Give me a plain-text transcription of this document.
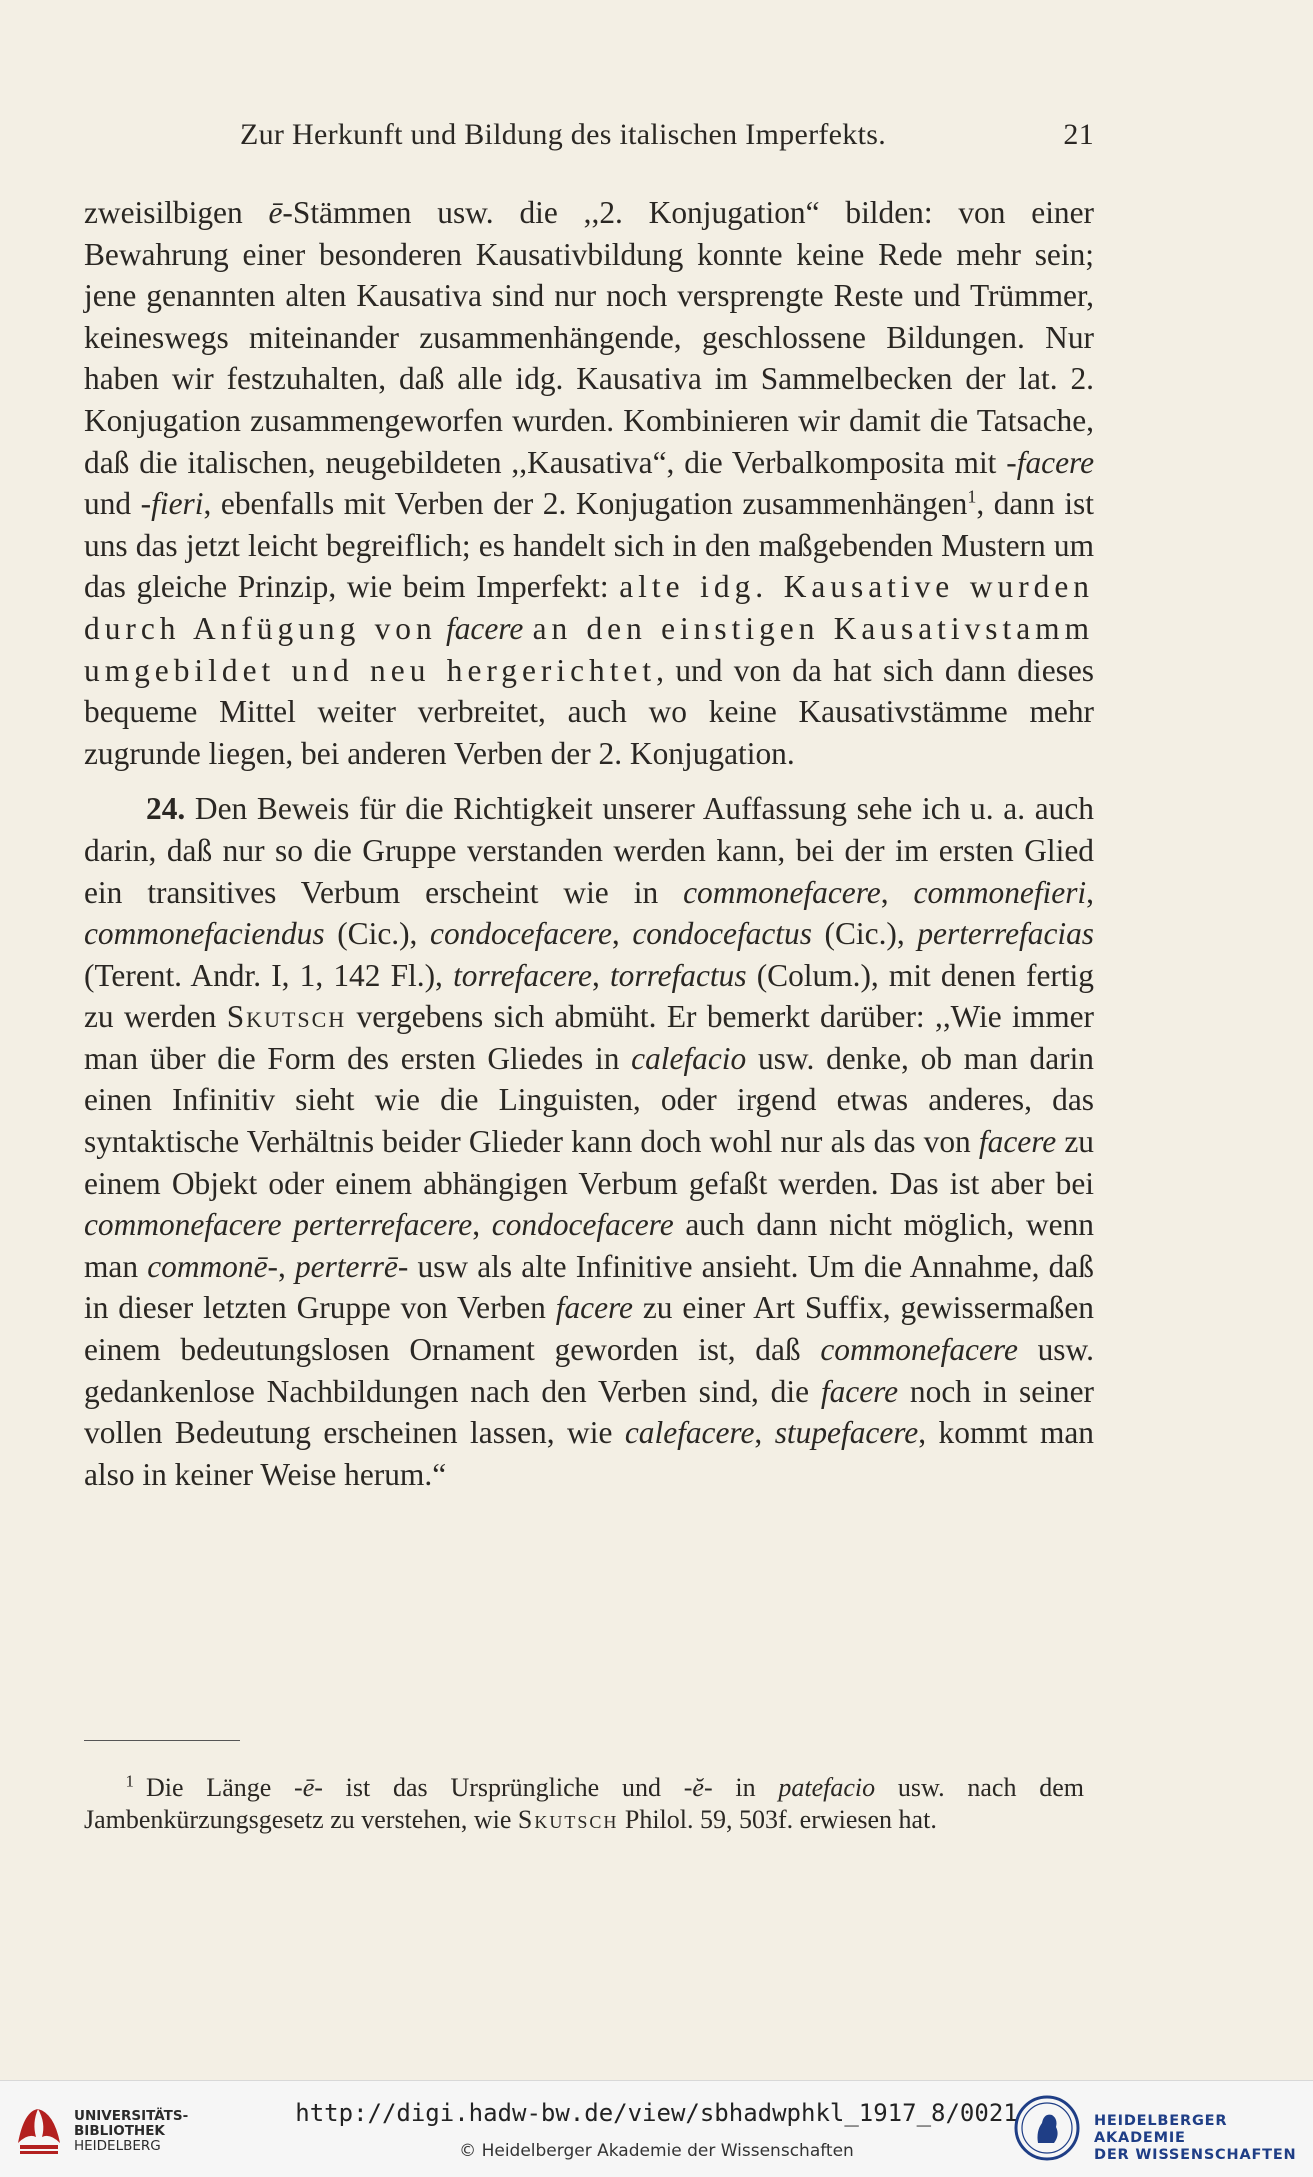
Zur Herkunft und Bildung des italischen Imperfekts.	21

zweisilbigen ē-Stämmen usw. die ,,2. Konjugation“ bilden: von einer Bewahrung einer besonderen Kausativbildung konnte keine Rede mehr sein; jene genannten alten Kausativa sind nur noch versprengte Reste und Trümmer, keineswegs miteinander zusammenhängende, geschlossene Bildungen. Nur haben wir festzuhalten, daß alle idg. Kausativa im Sammelbecken der lat. 2. Konjugation zusammengeworfen wurden. Kombinieren wir damit die Tatsache, daß die italischen, neugebildeten ,,Kausativa“, die Verbalkomposita mit -facere und -fieri, ebenfalls mit Verben der 2. Konjugation zusammenhängen$^1$, dann ist uns das jetzt leicht begreiflich; es handelt sich in den maßgebenden Mustern um das gleiche Prinzip, wie beim Imperfekt: alte idg. Kausative wurden durch Anfügung von facere an den einstigen Kausativstamm umgebildet und neu hergerichtet, und von da hat sich dann dieses bequeme Mittel weiter verbreitet, auch wo keine Kausativstämme mehr zugrunde liegen, bei anderen Verben der 2. Konjugation.

24. Den Beweis für die Richtigkeit unserer Auffassung sehe ich u. a. auch darin, daß nur so die Gruppe verstanden werden kann, bei der im ersten Glied ein transitives Verbum erscheint wie in commonefacere, commonefieri, commonefaciendus (Cic.), condocefacere, condocefactus (Cic.), perterrefacias (Terent. Andr. I, 1, 142 Fl.), torrefacere, torrefactus (Colum.), mit denen fertig zu werden Skutsch vergebens sich abmüht. Er bemerkt darüber: ,,Wie immer man über die Form des ersten Gliedes in calefacio usw. denke, ob man darin einen Infinitiv sieht wie die Linguisten, oder irgend etwas anderes, das syntaktische Verhältnis beider Glieder kann doch wohl nur als das von facere zu einem Objekt oder einem abhängigen Verbum gefaßt werden. Das ist aber bei commonefacere perterrefacere, condocefacere auch dann nicht möglich, wenn man commonē-, perterrē- usw als alte Infinitive ansieht. Um die Annahme, daß in dieser letzten Gruppe von Verben facere zu einer Art Suffix, gewissermaßen einem bedeutungslosen Ornament geworden ist, daß commonefacere usw. gedankenlose Nachbildungen nach den Verben sind, die facere noch in seiner vollen Bedeutung erscheinen lassen, wie calefacere, stupefacere, kommt man also in keiner Weise herum.“

$^1$ Die Länge -ē- ist das Ursprüngliche und -ĕ- in patefacio usw. nach dem Jambenkürzungsgesetz zu verstehen, wie Skutsch Philol. 59, 503f. erwiesen hat.
UNIVERSITÄTS-
BIBLIOTHEK
HEIDELBERG
http://digi.hadw-bw.de/view/sbhadwphkl_1917_8/0021
© Heidelberger Akademie der Wissenschaften
HEIDELBERGER AKADEMIE
DER WISSENSCHAFTEN
